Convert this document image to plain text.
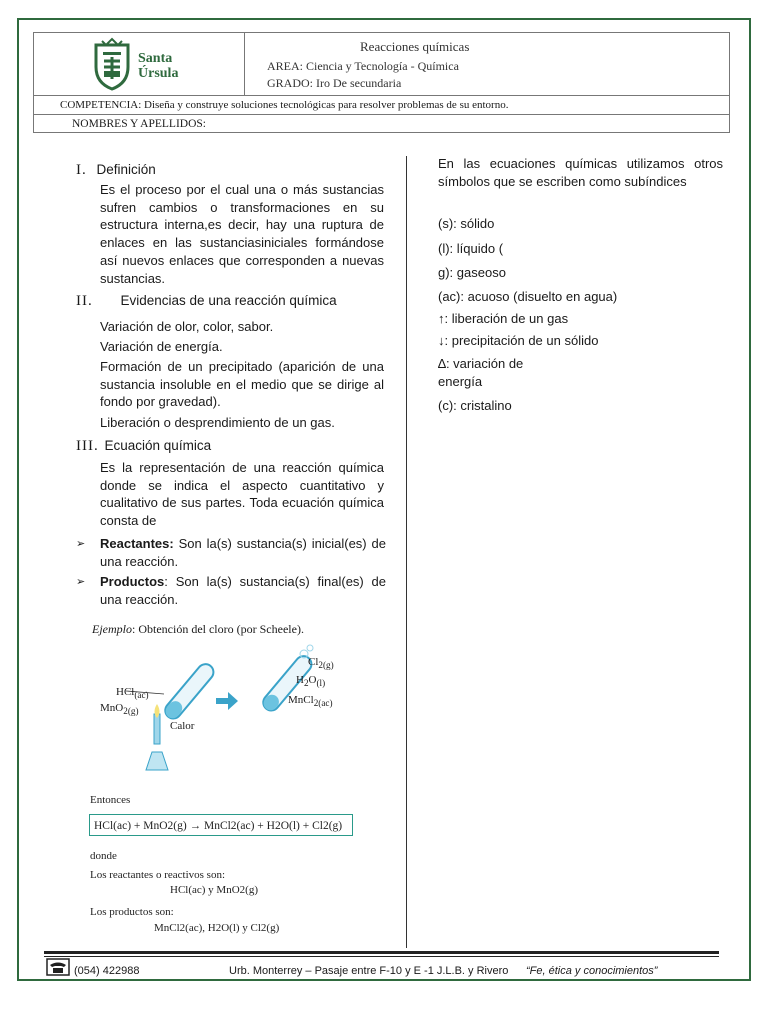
Santa
Úrsula
Reacciones químicas
AREA: Ciencia y Tecnología - Química
GRADO: Iro De secundaria
COMPETENCIA: Diseña y construye soluciones tecnológicas para resolver problemas de su entorno.
NOMBRES Y APELLIDOS:
I. Definición
Es el proceso por el cual una o más sustancias sufren cambios o transformaciones en su estructura interna,es decir, hay una ruptura de enlaces en las sustanciasiniciales formándose así nuevos enlaces que corresponden a nuevas sustancias.
II. Evidencias de una reacción química
Variación de olor, color, sabor.
Variación de energía.
Formación de un precipitado (aparición de una sustancia insoluble en el medio que se dirige al fondo por gravedad).
Liberación o desprendimiento de un gas.
III. Ecuación química
Es la representación de una reacción química donde se indica el aspecto cuantitativo y cualitativo de sus partes. Toda ecuación química consta de
➢ Reactantes: Son la(s) sustancia(s) inicial(es) de una reacción.
➢ Productos: Son la(s) sustancia(s) final(es) de una reacción.
Ejemplo: Obtención del cloro (por Scheele).
HCl$_{(ac)}$
MnO$_{2(g)}$
Calor
$Cl_{2(g)}$
$H_2O_{(l)}$
MnCl$_{2(ac)}$
Entonces
HCl(ac) + MnO2(g) → MnCl2(ac) + H2O(l) + Cl2(g)
donde
Los reactantes o reactivos son:
HCl(ac) y MnO2(g)
Los productos son:
MnCl2(ac), H2O(l) y Cl2(g)
En las ecuaciones químicas utilizamos otros símbolos que se escriben como subíndices
(s): sólido
(l): líquido (
g): gaseoso
(ac): acuoso (disuelto en agua)
↑: liberación de un gas
↓: precipitación de un sólido
∆: variación de energía
(c): cristalino
(054) 422988	Urb. Monterrey – Pasaje entre F-10 y E -1 J.L.B. y Rivero “Fe, ética y conocimientos”
